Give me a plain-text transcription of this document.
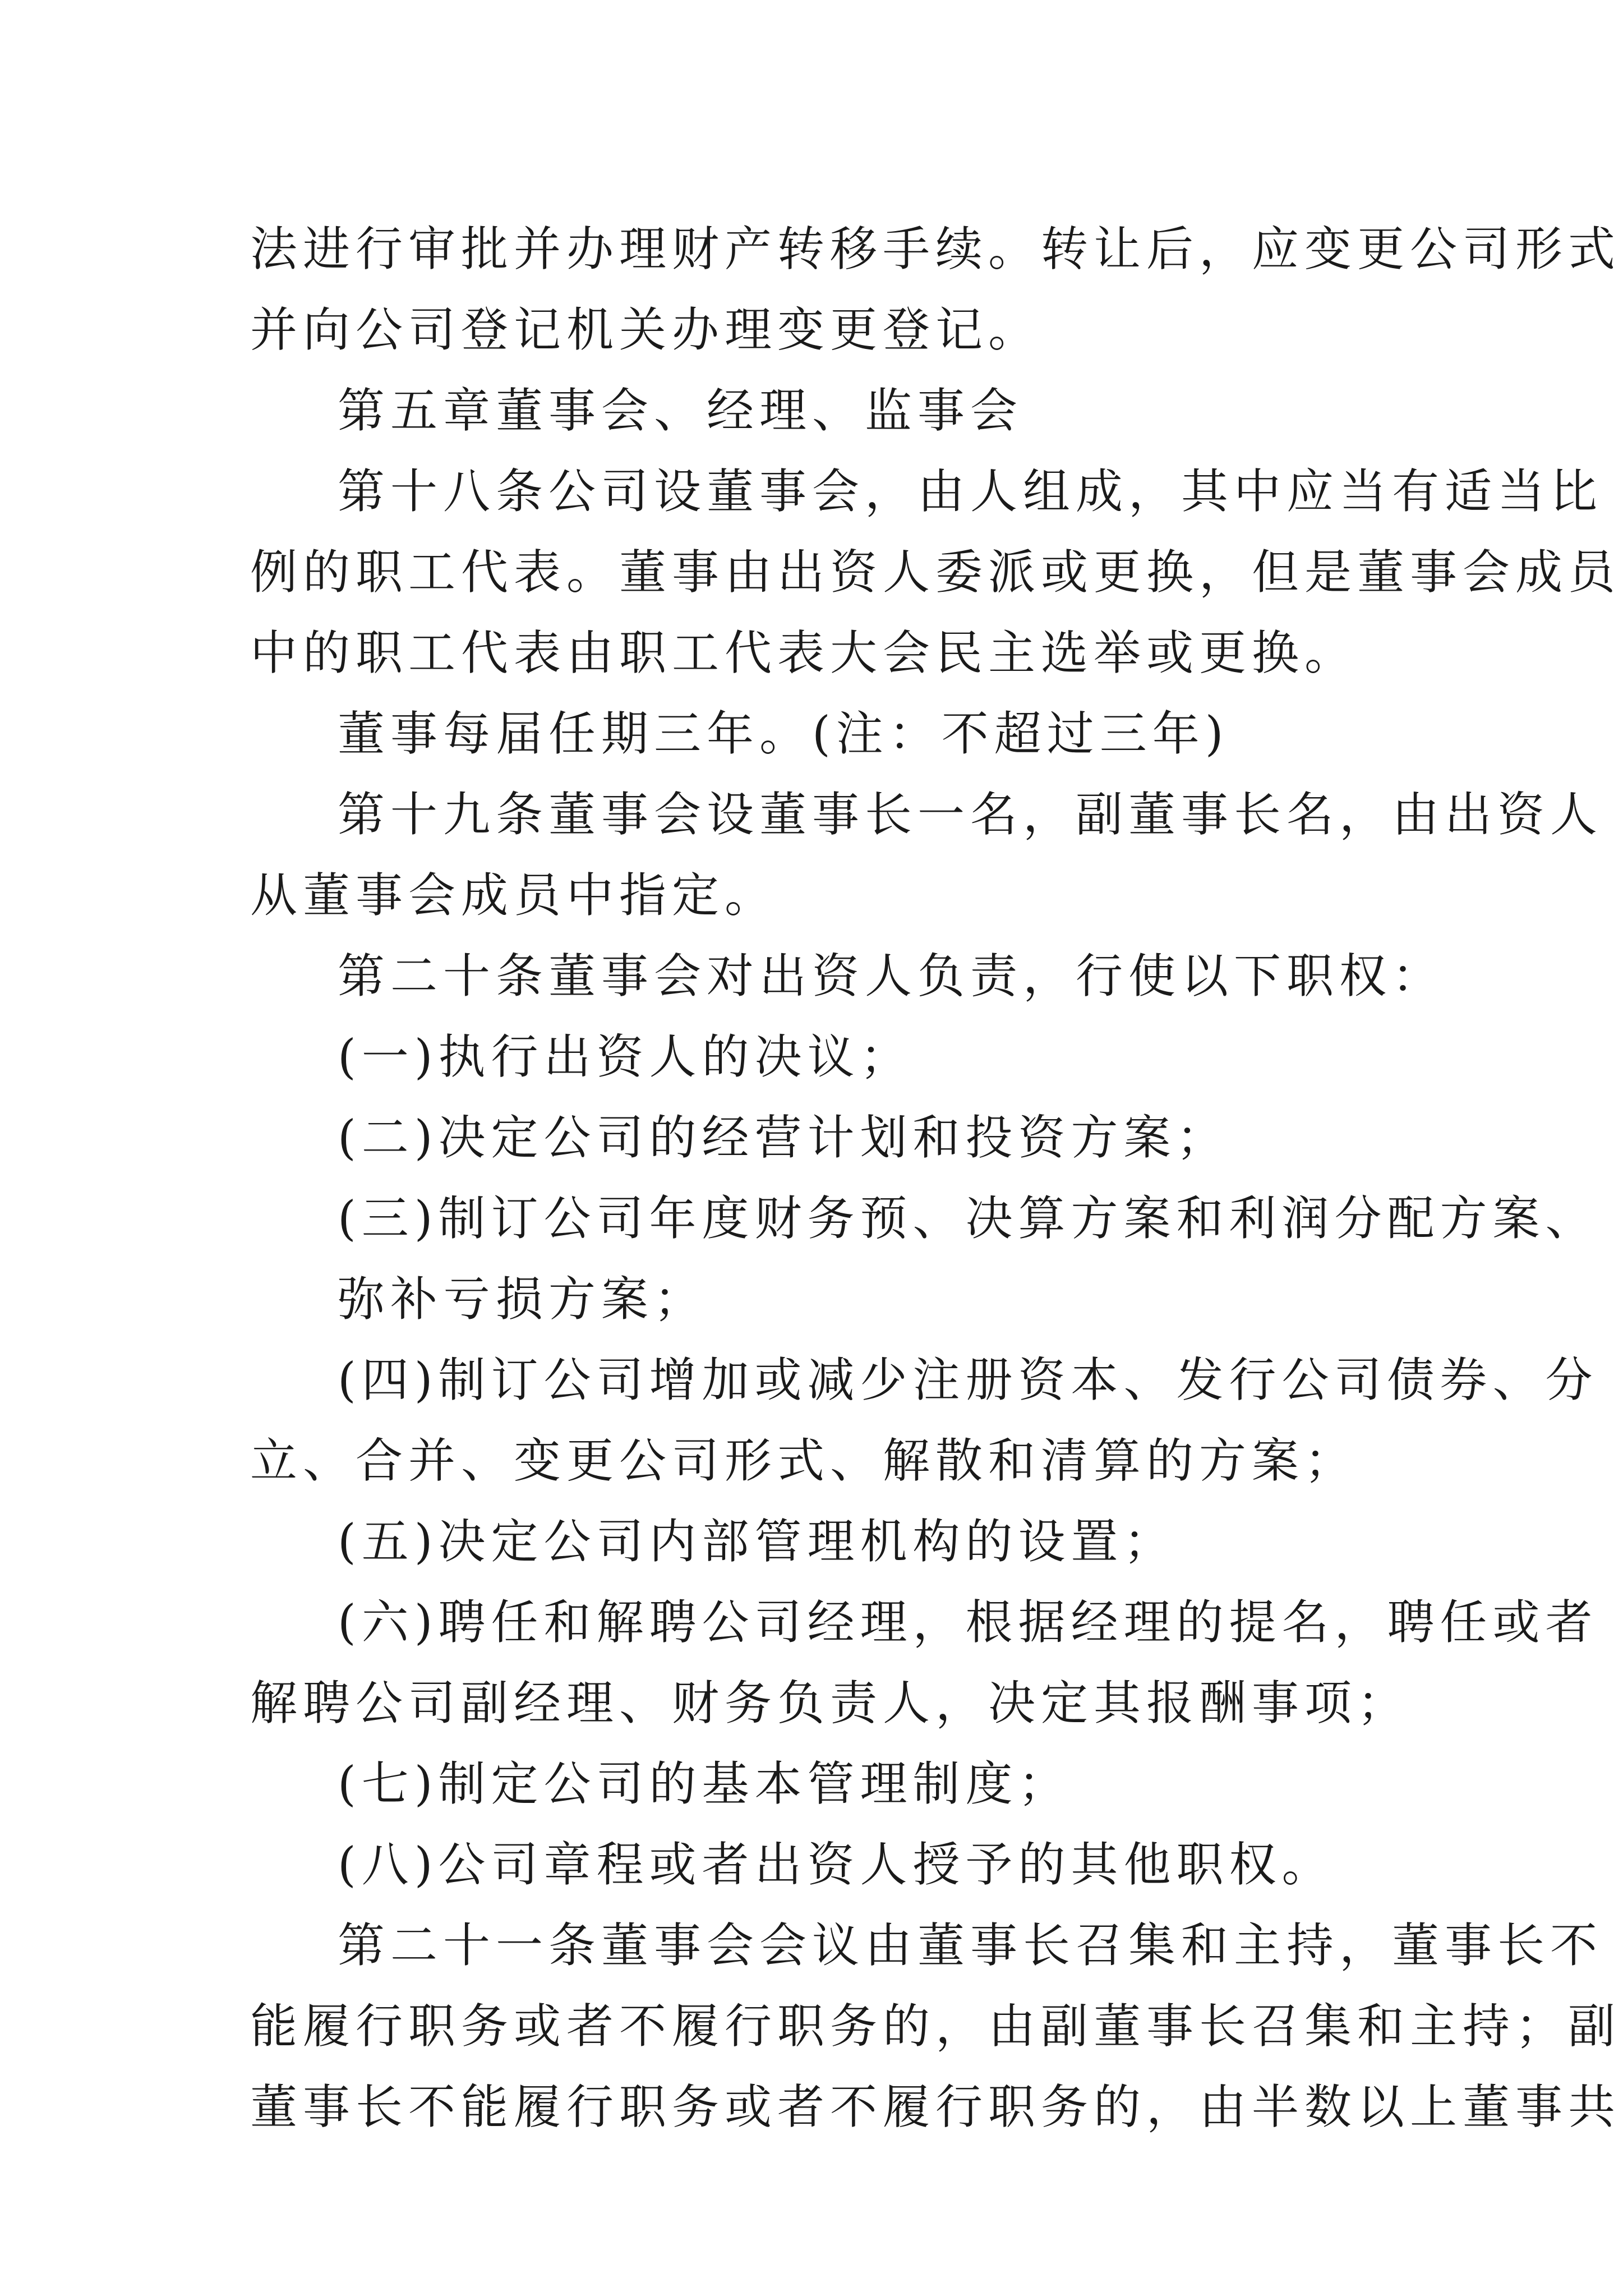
法进行审批并办理财产转移手续。转让后，应变更公司形式
并向公司登记机关办理变更登记。
第五章董事会、经理、监事会
第十八条公司设董事会，由人组成，其中应当有适当比
例的职工代表。董事由出资人委派或更换，但是董事会成员
中的职工代表由职工代表大会民主选举或更换。
董事每届任期三年。(注：不超过三年)
第十九条董事会设董事长一名，副董事长名，由出资人
从董事会成员中指定。
第二十条董事会对出资人负责，行使以下职权：
(一)执行出资人的决议；
(二)决定公司的经营计划和投资方案；
(三)制订公司年度财务预、决算方案和利润分配方案、
弥补亏损方案；
(四)制订公司增加或减少注册资本、发行公司债券、分
立、合并、变更公司形式、解散和清算的方案；
(五)决定公司内部管理机构的设置；
(六)聘任和解聘公司经理，根据经理的提名，聘任或者
解聘公司副经理、财务负责人，决定其报酬事项；
(七)制定公司的基本管理制度；
(八)公司章程或者出资人授予的其他职权。
第二十一条董事会会议由董事长召集和主持，董事长不
能履行职务或者不履行职务的，由副董事长召集和主持；副
董事长不能履行职务或者不履行职务的，由半数以上董事共
